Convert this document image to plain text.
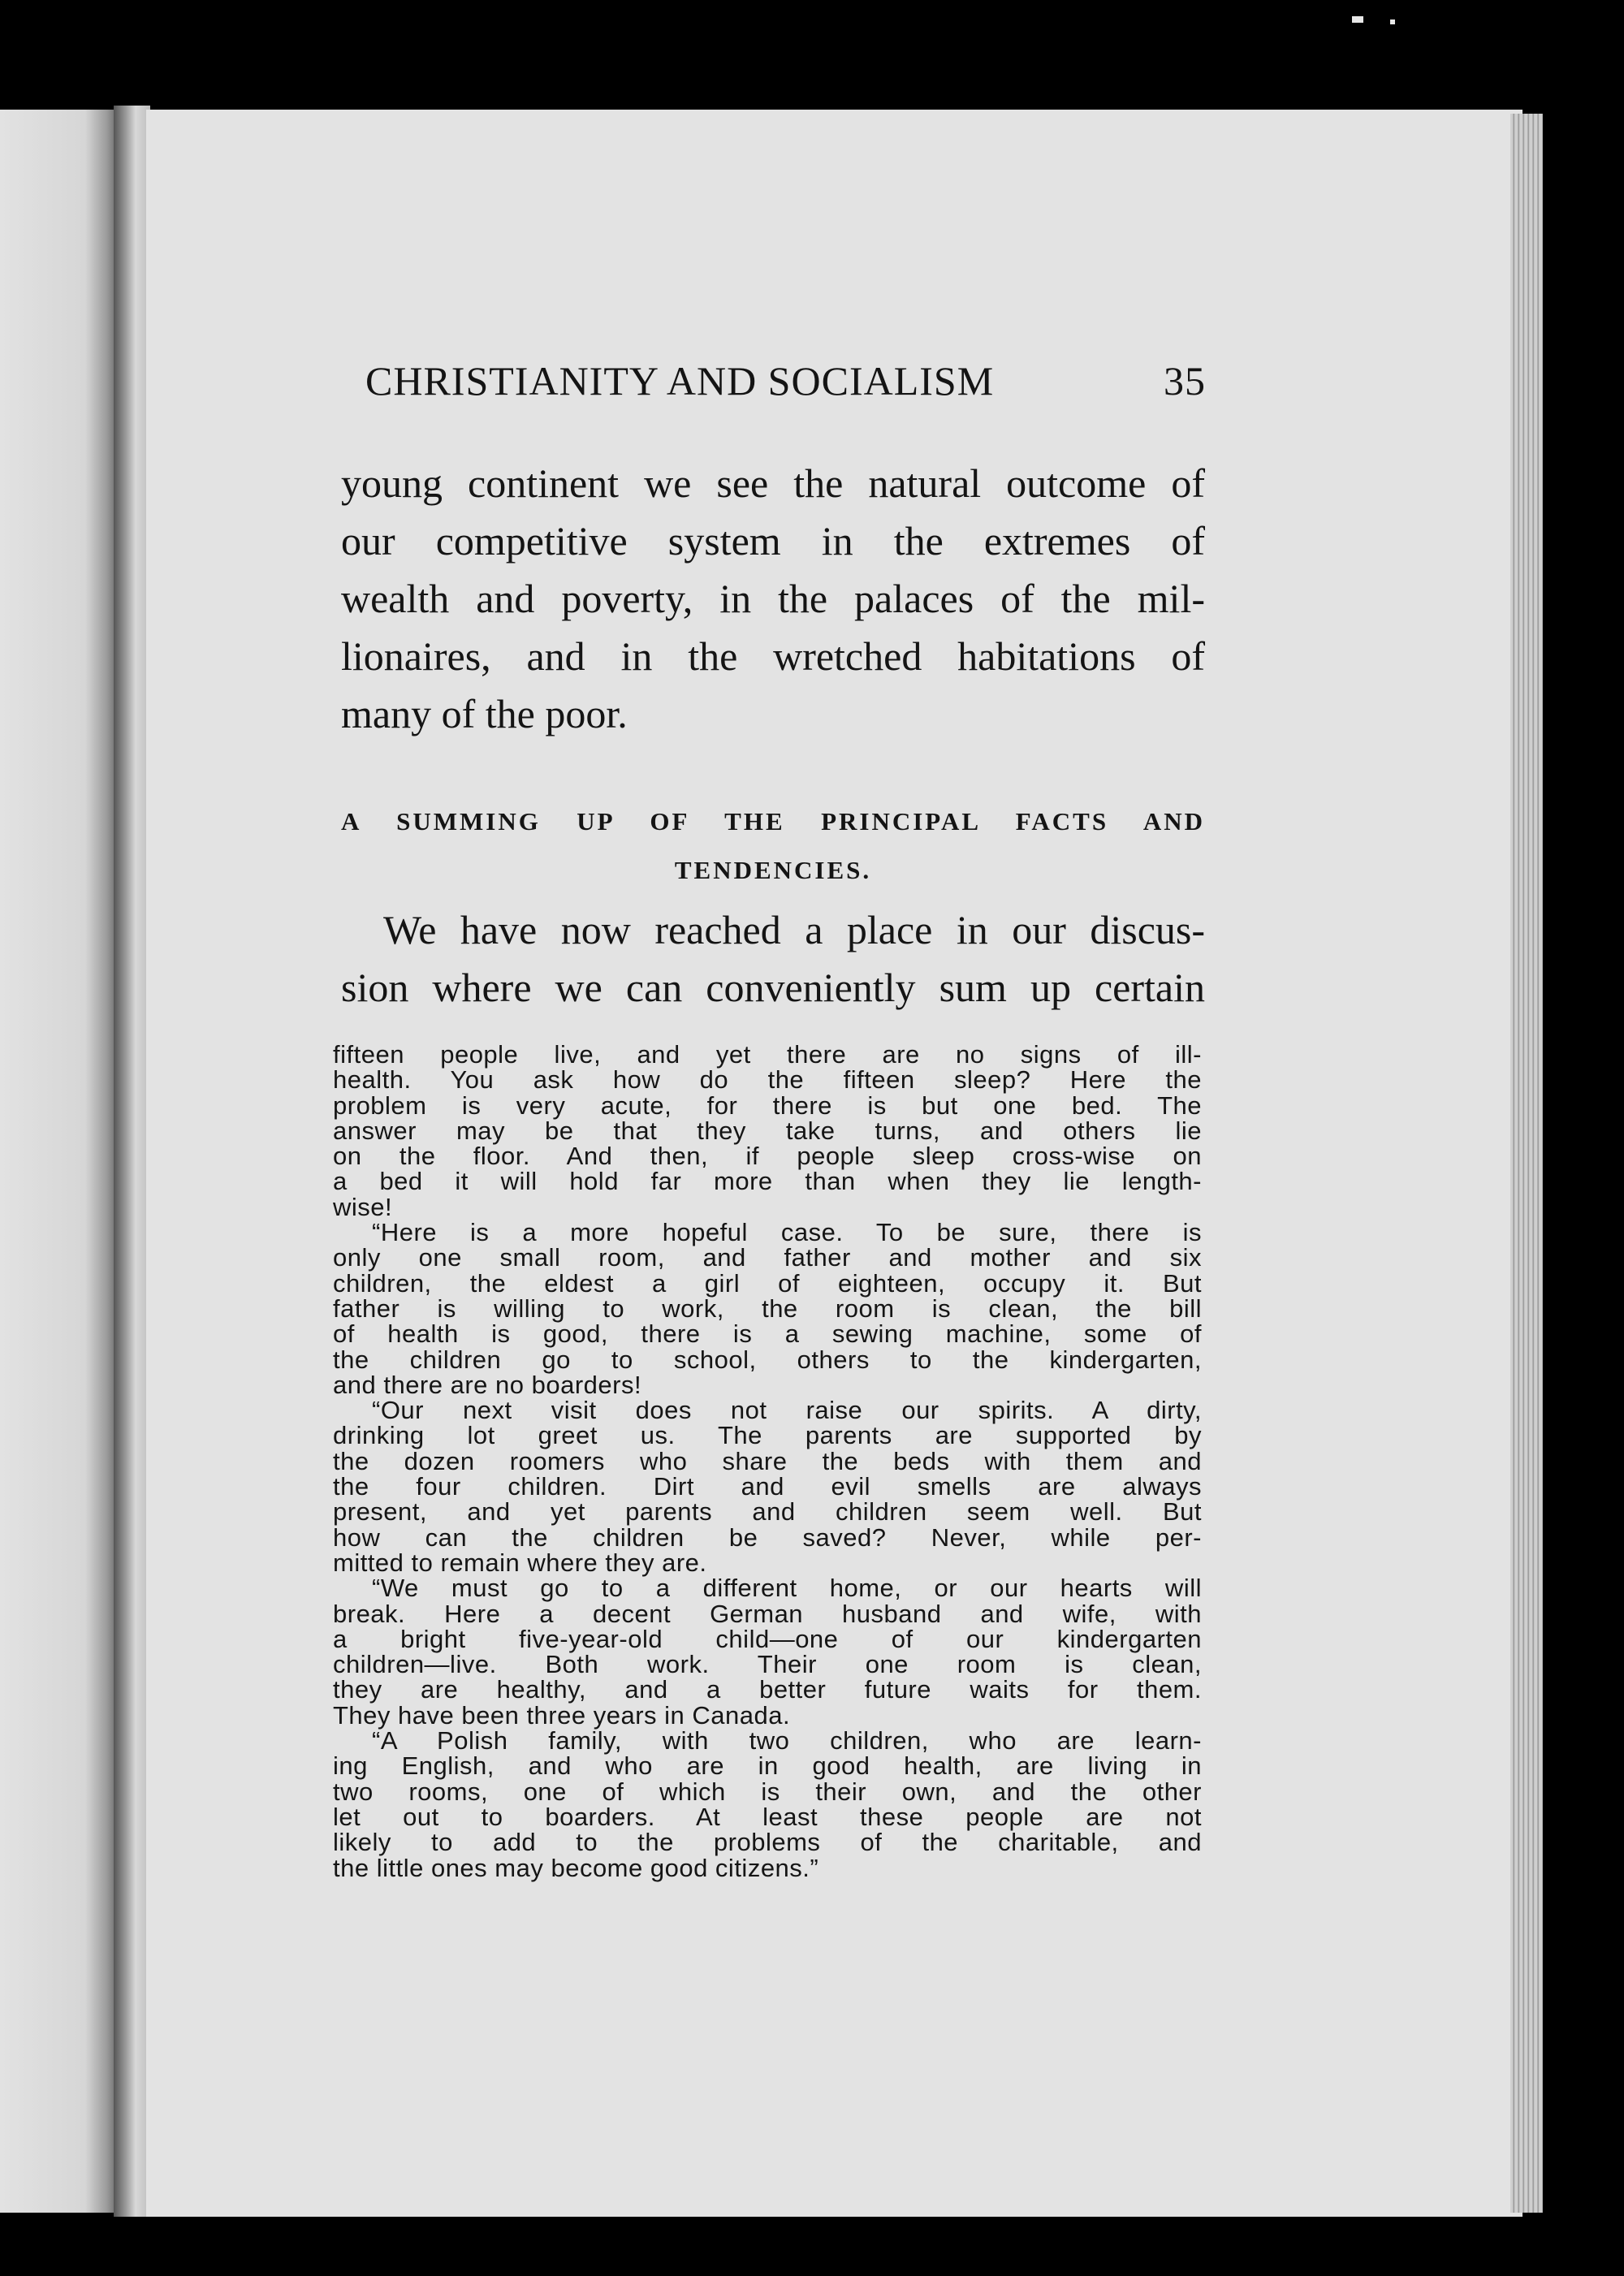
CHRISTIANITY AND SOCIALISM	35
young continent we see the natural outcome of
our competitive system in the extremes of
wealth and poverty, in the palaces of the mil-
lionaires, and in the wretched habitations of
many of the poor.
A SUMMING UP OF THE PRINCIPAL FACTS AND
TENDENCIES.
We have now reached a place in our discus-
sion where we can conveniently sum up certain
fifteen people live, and yet there are no signs of ill-
health. You ask how do the fifteen sleep? Here the
problem is very acute, for there is but one bed. The
answer may be that they take turns, and others lie
on the floor. And then, if people sleep cross-wise on
a bed it will hold far more than when they lie length-
wise!
“Here is a more hopeful case. To be sure, there is
only one small room, and father and mother and six
children, the eldest a girl of eighteen, occupy it. But
father is willing to work, the room is clean, the bill
of health is good, there is a sewing machine, some of
the children go to school, others to the kindergarten,
and there are no boarders!
“Our next visit does not raise our spirits. A dirty,
drinking lot greet us. The parents are supported by
the dozen roomers who share the beds with them and
the four children. Dirt and evil smells are always
present, and yet parents and children seem well. But
how can the children be saved? Never, while per-
mitted to remain where they are.
“We must go to a different home, or our hearts will
break. Here a decent German husband and wife, with
a bright five-year-old child—one of our kindergarten
children—live. Both work. Their one room is clean,
they are healthy, and a better future waits for them.
They have been three years in Canada.
“A Polish family, with two children, who are learn-
ing English, and who are in good health, are living in
two rooms, one of which is their own, and the other
let out to boarders. At least these people are not
likely to add to the problems of the charitable, and
the little ones may become good citizens.”
